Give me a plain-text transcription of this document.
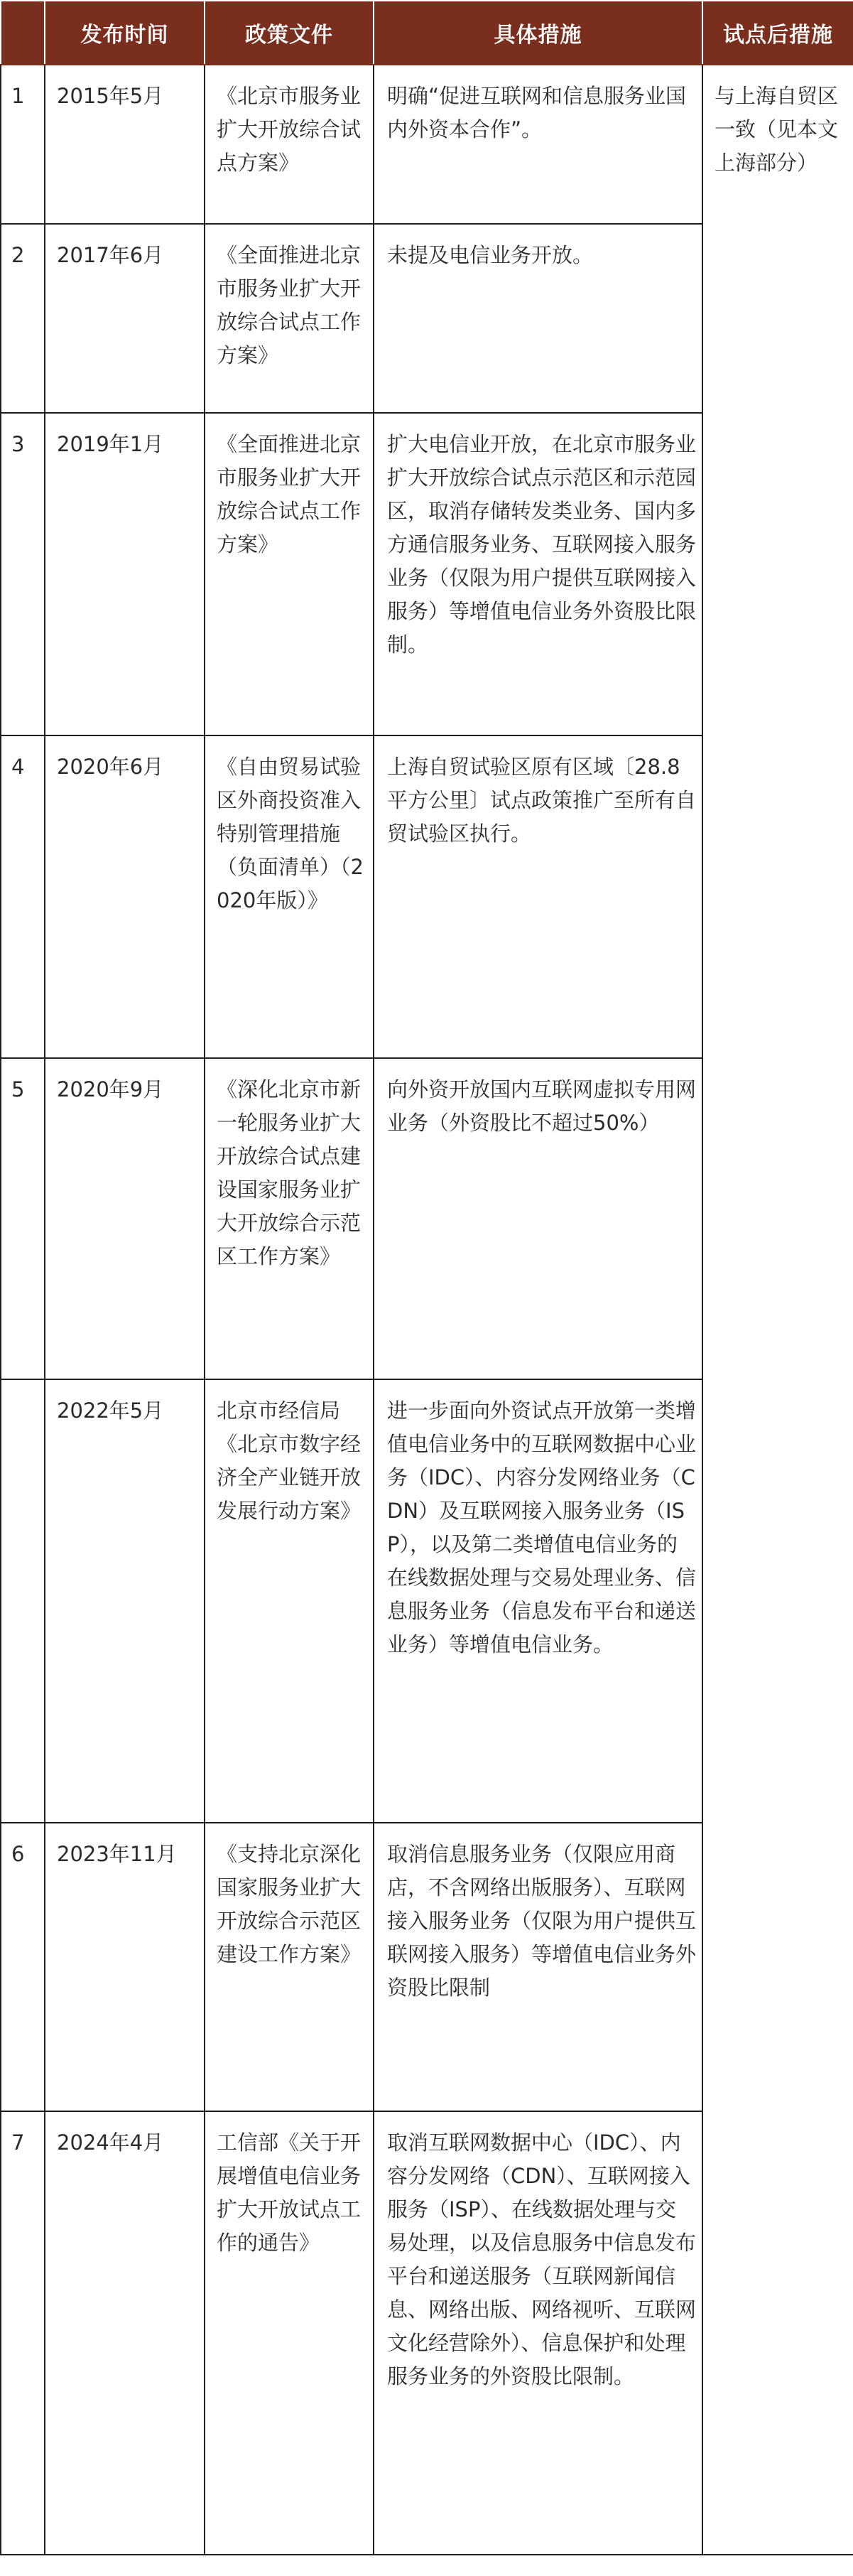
	发布时间	政策文件	具体措施	试点后措施
1	2015年5月	《北京市服务业扩大开放综合试点方案》	明确“促进互联网和信息服务业国内外资本合作”。	与上海自贸区一致（见本文上海部分）
2	2017年6月	《全面推进北京市服务业扩大开放综合试点工作方案》	未提及电信业务开放。	
3	2019年1月	《全面推进北京市服务业扩大开放综合试点工作方案》	扩大电信业开放，在北京市服务业扩大开放综合试点示范区和示范园区，取消存储转发类业务、国内多方通信服务业务、互联网接入服务业务（仅限为用户提供互联网接入服务）等增值电信业务外资股比限制。	
4	2020年6月	《自由贸易试验区外商投资准入特别管理措施（负面清单）（2020年版）》	上海自贸试验区原有区域〔28.8平方公里〕试点政策推广至所有自贸试验区执行。	
5	2020年9月	《深化北京市新一轮服务业扩大开放综合试点建设国家服务业扩大开放综合示范区工作方案》	向外资开放国内互联网虚拟专用网业务（外资股比不超过50%）	
	2022年5月	北京市经信局《北京市数字经济全产业链开放发展行动方案》	进一步面向外资试点开放第一类增值电信业务中的互联网数据中心业务（IDC）、内容分发网络业务（CDN）及互联网接入服务业务（ISP），以及第二类增值电信业务的在线数据处理与交易处理业务、信息服务业务（信息发布平台和递送业务）等增值电信业务。	
6	2023年11月	《支持北京深化国家服务业扩大开放综合示范区建设工作方案》	取消信息服务业务（仅限应用商店，不含网络出版服务）、互联网接入服务业务（仅限为用户提供互联网接入服务）等增值电信业务外资股比限制	
7	2024年4月	工信部《关于开展增值电信业务扩大开放试点工作的通告》	取消互联网数据中心（IDC）、内容分发网络（CDN）、互联网接入服务（ISP）、在线数据处理与交易处理，以及信息服务中信息发布平台和递送服务（互联网新闻信息、网络出版、网络视听、互联网文化经营除外）、信息保护和处理服务业务的外资股比限制。	
